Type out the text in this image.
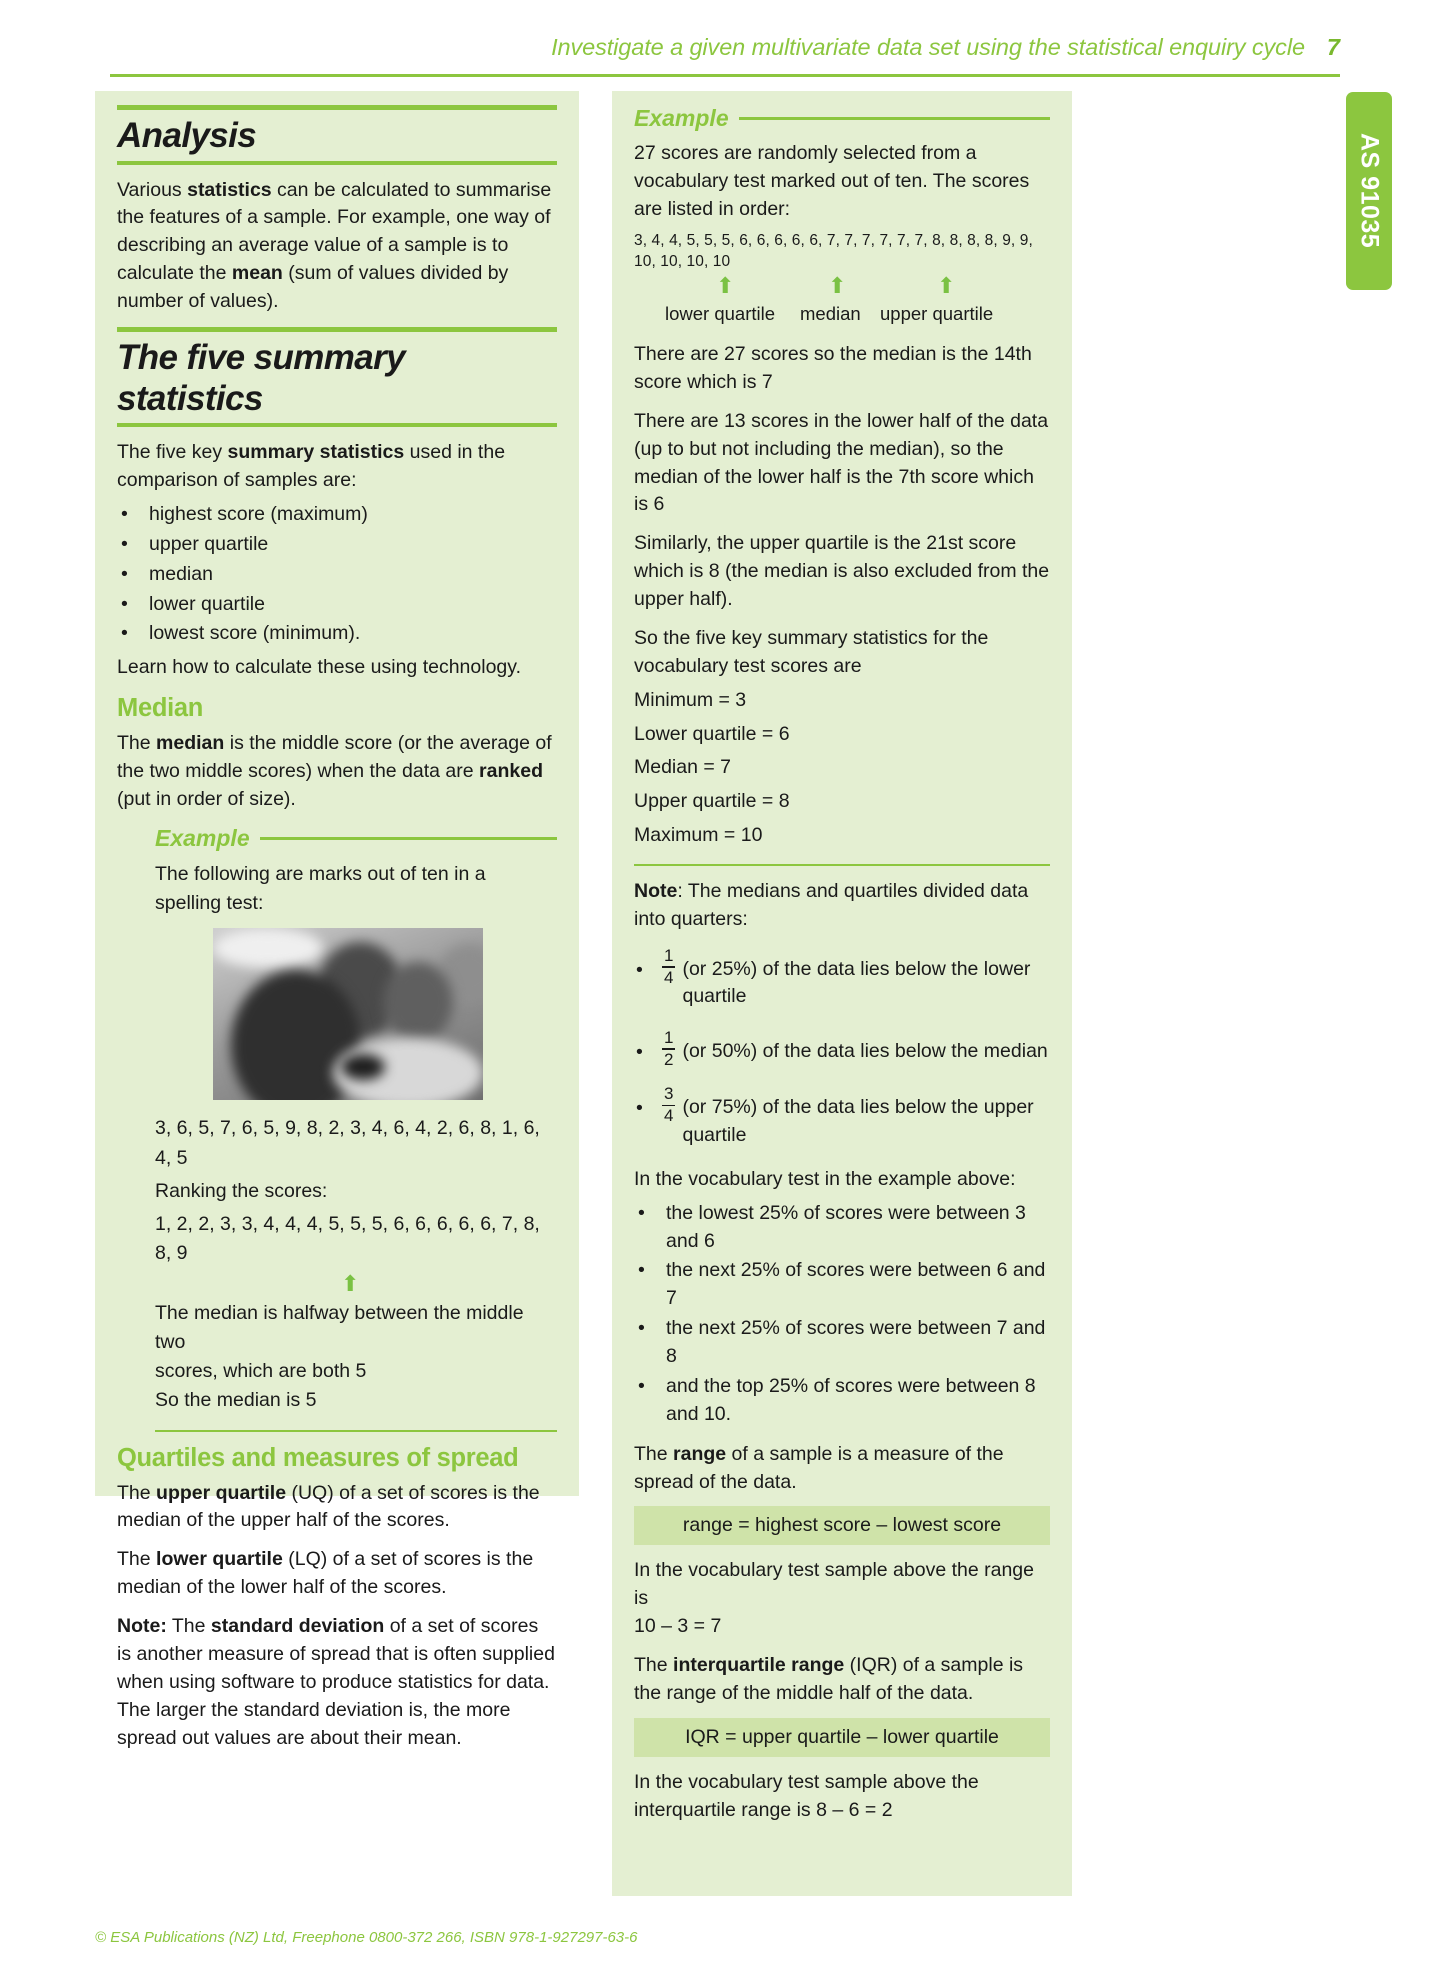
Investigate a given multivariate data set using the statistical enquiry cycle 7
AS 91035
Analysis

Various statistics can be calculated to summarise the features of a sample. For example, one way of describing an average value of a sample is to calculate the mean (sum of values divided by number of values).

The five summary statistics

The five key summary statistics used in the comparison of samples are:

• highest score (maximum)
• upper quartile
• median
• lower quartile
• lowest score (minimum).

Learn how to calculate these using technology.

Median

The median is the middle score (or the average of the two middle scores) when the data are ranked (put in order of size).

Example

The following are marks out of ten in a spelling test:

3, 6, 5, 7, 6, 5, 9, 8, 2, 3, 4, 6, 4, 2, 6, 8, 1, 6, 4, 5

Ranking the scores:

1, 2, 2, 3, 3, 4, 4, 4, 5, 5, 5, 6, 6, 6, 6, 6, 7, 8, 8, 9

⬆

The median is halfway between the middle two

scores, which are both 5

So the median is 5

Quartiles and measures of spread

The upper quartile (UQ) of a set of scores is the median of the upper half of the scores.

The lower quartile (LQ) of a set of scores is the median of the lower half of the scores.

Note: The standard deviation of a set of scores is another measure of spread that is often supplied when using software to produce statistics for data. The larger the standard deviation is, the more spread out values are about their mean.

Example

27 scores are randomly selected from a vocabulary test marked out of ten. The scores are listed in order:

3, 4, 4, 5, 5, 5, 6, 6, 6, 6, 6, 7, 7, 7, 7, 7, 7, 8, 8, 8, 8, 9, 9, 10, 10, 10, 10

⬆	⬆	⬆
lower quartile median upper quartile

There are 27 scores so the median is the 14th score which is 7

There are 13 scores in the lower half of the data (up to but not including the median), so the median of the lower half is the 7th score which is 6

Similarly, the upper quartile is the 21st score which is 8 (the median is also excluded from the upper half).

So the five key summary statistics for the vocabulary test scores are

Minimum = 3

Lower quartile = 6

Median = 7

Upper quartile = 8

Maximum = 10

Note: The medians and quartiles divided data into quarters:

• $\frac{1}{4} (or$ 25%) of the data lies below the lower quartile
• $\frac{1}{2} (or$ 50%) of the data lies below the median
• $\frac{3}{4} (or$ 75%) of the data lies below the upper quartile

In the vocabulary test in the example above:

• the lowest 25% of scores were between 3 and 6
• the next 25% of scores were between 6 and 7
• the next 25% of scores were between 7 and 8
• and the top 25% of scores were between 8 and 10.

The range of a sample is a measure of the spread of the data.

range = highest score – lowest score

In the vocabulary test sample above the range is

10 – 3 = 7

The interquartile range (IQR) of a sample is the range of the middle half of the data.

IQR = upper quartile – lower quartile

In the vocabulary test sample above the

interquartile range is 8 – 6 = 2

© ESA Publications (NZ) Ltd, Freephone 0800-372 266, ISBN 978-1-927297-63-6
